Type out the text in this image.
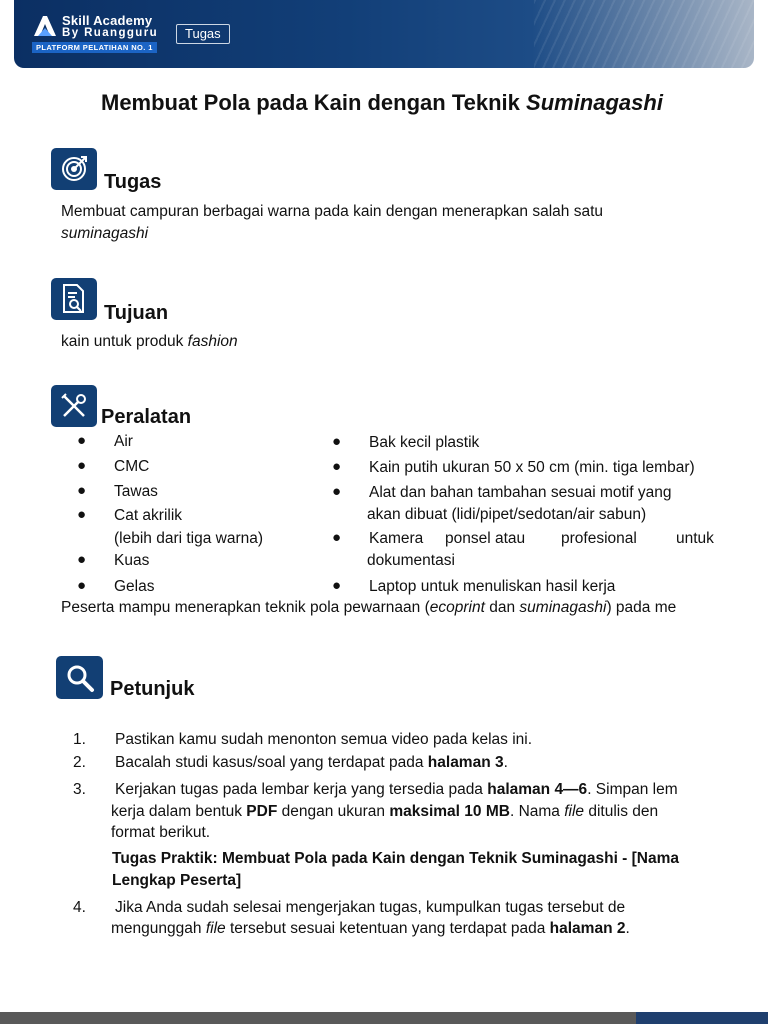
Skill Academy
By Ruangguru
PLATFORM PELATIHAN NO. 1
Tugas
Membuat Pola pada Kain dengan Teknik Suminagashi
Tugas
Membuat campuran berbagai warna pada kain dengan menerapkan salah satu
suminagashi
Tujuan
kain untuk produk fashion
Peralatan
● Air
● CMC
● Tawas
● Cat akrilik
(lebih dari tiga warna)
● Kuas
● Gelas
● Bak kecil plastik
● Kain putih ukuran 50 x 50 cm (min. tiga lembar)
● Alat dan bahan tambahan sesuai motif yang
akan dibuat (lidi/pipet/sedotan/air sabun)
● Kamera ponsel atau profesional	untuk
dokumentasi
● Laptop untuk menuliskan hasil kerja
Peserta mampu menerapkan teknik pola pewarnaan (ecoprint dan suminagashi) pada me
Petunjuk
1. Pastikan kamu sudah menonton semua video pada kelas ini.
2. Bacalah studi kasus/soal yang terdapat pada halaman 3.
3. Kerjakan tugas pada lembar kerja yang tersedia pada halaman 4—6. Simpan lem
kerja dalam bentuk PDF dengan ukuran maksimal 10 MB. Nama file ditulis den
format berikut.
Tugas Praktik: Membuat Pola pada Kain dengan Teknik Suminagashi - [Nama
Lengkap Peserta]
4. Jika Anda sudah selesai mengerjakan tugas, kumpulkan tugas tersebut de
mengunggah file tersebut sesuai ketentuan yang terdapat pada halaman 2.
